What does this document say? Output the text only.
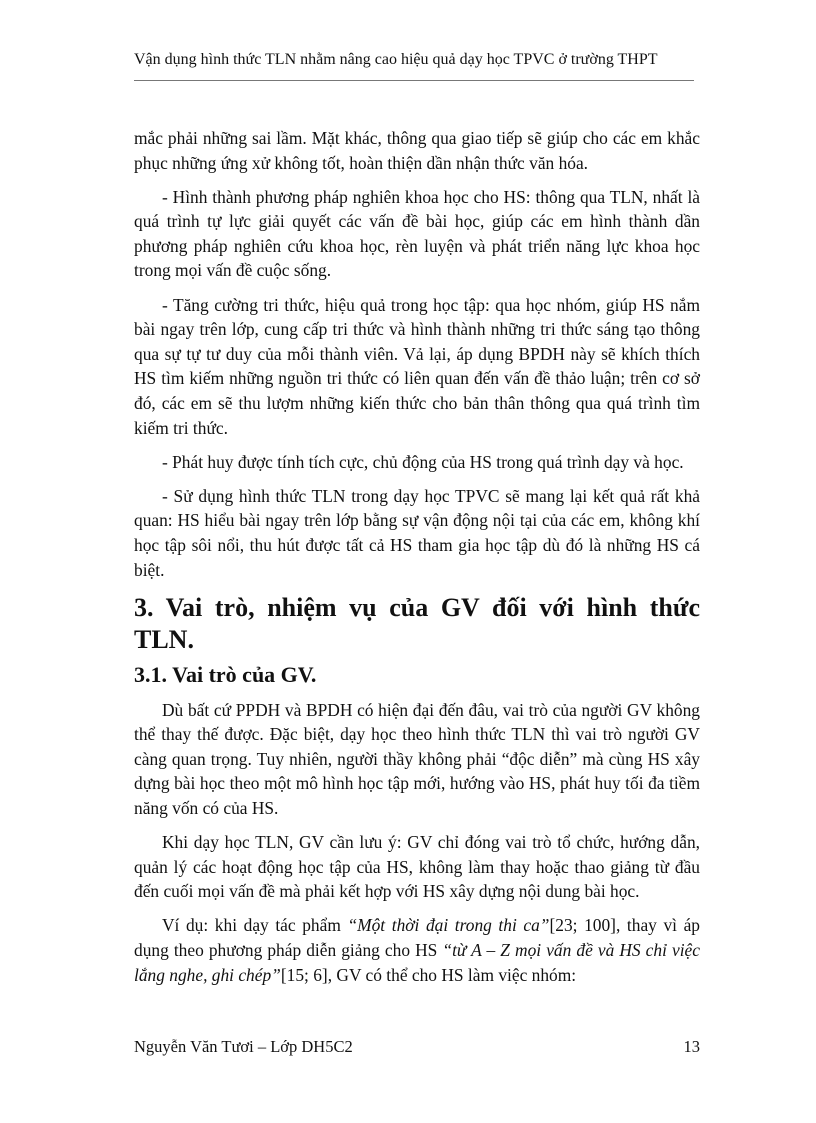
Vận dụng hình thức TLN nhằm nâng cao hiệu quả dạy học TPVC ở trường THPT

mắc phải những sai lầm. Mặt khác, thông qua giao tiếp sẽ giúp cho các em khắc phục những ứng xử không tốt, hoàn thiện dần nhận thức văn hóa.

- Hình thành phương pháp nghiên khoa học cho HS: thông qua TLN, nhất là quá trình tự lực giải quyết các vấn đề bài học, giúp các em hình thành dần phương pháp nghiên cứu khoa học, rèn luyện và phát triển năng lực khoa học trong mọi vấn đề cuộc sống.

- Tăng cường tri thức, hiệu quả trong học tập: qua học nhóm, giúp HS nắm bài ngay trên lớp, cung cấp tri thức và hình thành những tri thức sáng tạo thông qua sự tự tư duy của mỗi thành viên. Vả lại, áp dụng BPDH này sẽ khích thích HS tìm kiếm những nguồn tri thức có liên quan đến vấn đề thảo luận; trên cơ sở đó, các em sẽ thu lượm những kiến thức cho bản thân thông qua quá trình tìm kiếm tri thức.

- Phát huy được tính tích cực, chủ động của HS trong quá trình dạy và học.

- Sử dụng hình thức TLN trong dạy học TPVC sẽ mang lại kết quả rất khả quan: HS hiểu bài ngay trên lớp bằng sự vận động nội tại của các em, không khí học tập sôi nổi, thu hút được tất cả HS tham gia học tập dù đó là những HS cá biệt.

3. Vai trò, nhiệm vụ của GV đối với hình thức TLN.
3.1. Vai trò của GV.

Dù bất cứ PPDH và BPDH có hiện đại đến đâu, vai trò của người GV không thể thay thế được. Đặc biệt, dạy học theo hình thức TLN thì vai trò người GV càng quan trọng. Tuy nhiên, người thầy không phải “độc diễn” mà cùng HS xây dựng bài học theo một mô hình học tập mới, hướng vào HS, phát huy tối đa tiềm năng vốn có của HS.

Khi dạy học TLN, GV cần lưu ý: GV chỉ đóng vai trò tổ chức, hướng dẫn, quản lý các hoạt động học tập của HS, không làm thay hoặc thao giảng từ đầu đến cuối mọi vấn đề mà phải kết hợp với HS xây dựng nội dung bài học.

Ví dụ: khi dạy tác phẩm “Một thời đại trong thi ca”[23; 100], thay vì áp dụng theo phương pháp diễn giảng cho HS “từ A – Z mọi vấn đề và HS chỉ việc lắng nghe, ghi chép”[15; 6], GV có thể cho HS làm việc nhóm:

Nguyễn Văn Tươi – Lớp DH5C2	13
